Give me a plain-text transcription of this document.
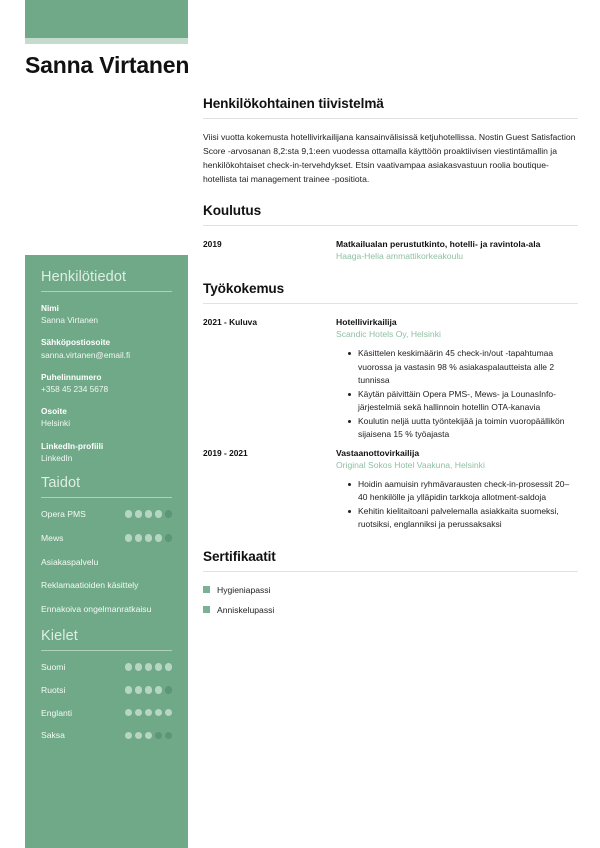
Sanna Virtanen
Henkilötiedot
Nimi
Sanna Virtanen
Sähköpostiosoite
sanna.virtanen@email.fi
Puhelinnumero
+358 45 234 5678
Osoite
Helsinki
LinkedIn-profiili
LinkedIn
Taidot
Opera PMS
Mews
Asiakaspalvelu
Reklamaatioiden käsittely
Ennakoiva ongelmanratkaisu
Kielet
Suomi
Ruotsi
Englanti
Saksa
Henkilökohtainen tiivistelmä

Viisi vuotta kokemusta hotellivirkailijana kansainvälisissä ketjuhotellissa. Nostin Guest Satisfaction Score -arvosanan 8,2:sta 9,1:een vuodessa ottamalla käyttöön proaktiivisen viestintämallin ja henkilökohtaiset check-in-tervehdykset. Etsin vaativampaa asiakasvastuun roolia boutique-hotellista tai management trainee -positiota.

Koulutus
2019	Matkailualan perustutkinto, hotelli- ja ravintola-ala
Haaga-Helia ammattikorkeakoulu
Työkokemus
2021 - Kuluva	Hotellivirkailija
Scandic Hotels Oy, Helsinki
Käsittelen keskimäärin 45 check-in/out -tapahtumaa vuorossa ja vastasin 98 % asiakaspalautteista alle 2 tunnissa
Käytän päivittäin Opera PMS-, Mews- ja LounasInfo-järjestelmiä sekä hallinnoin hotellin OTA-kanavia
Koulutin neljä uutta työntekijää ja toimin vuoropäällikön sijaisena 15 % työajasta
2019 - 2021	Vastaanottovirkailija
Original Sokos Hotel Vaakuna, Helsinki
Hoidin aamuisin ryhmävarausten check-in-prosessit 20–40 henkilölle ja ylläpidin tarkkoja allotment-saldoja
Kehitin kielitaitoani palvelemalla asiakkaita suomeksi, ruotsiksi, englanniksi ja perussaksaksi
Sertifikaatit
Hygieniapassi
Anniskelupassi
